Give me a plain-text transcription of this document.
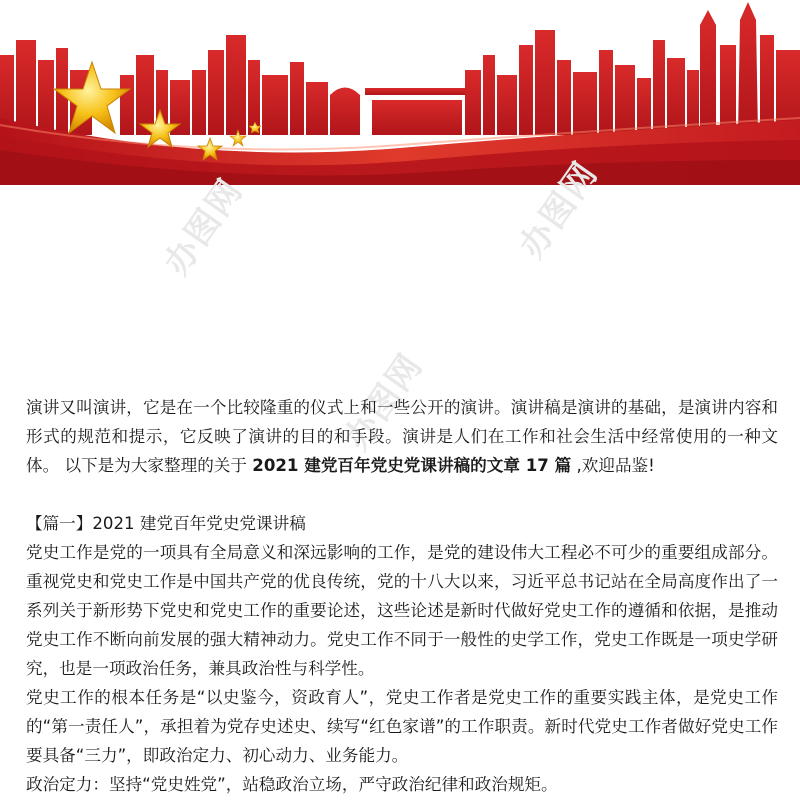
办图网	办图网
办图网

演讲又叫演讲，它是在一个比较隆重的仪式上和一些公开的演讲。演讲稿是演讲的基础，是演讲内容和形式的规范和提示，它反映了演讲的目的和手段。演讲是人们在工作和社会生活中经常使用的一种文体。 以下是为大家整理的关于 2021 建党百年党史党课讲稿的文章 17 篇 ,欢迎品鉴!

【篇一】2021 建党百年党史党课讲稿

党史工作是党的一项具有全局意义和深远影响的工作，是党的建设伟大工程必不可少的重要组成部分。重视党史和党史工作是中国共产党的优良传统，党的十八大以来，习近平总书记站在全局高度作出了一系列关于新形势下党史和党史工作的重要论述，这些论述是新时代做好党史工作的遵循和依据，是推动党史工作不断向前发展的强大精神动力。党史工作不同于一般性的史学工作，党史工作既是一项史学研究，也是一项政治任务，兼具政治性与科学性。

党史工作的根本任务是“以史鉴今，资政育人”，党史工作者是党史工作的重要实践主体，是党史工作的“第一责任人”，承担着为党存史述史、续写“红色家谱”的工作职责。新时代党史工作者做好党史工作要具备“三力”，即政治定力、初心动力、业务能力。

政治定力：坚持“党史姓党”，站稳政治立场，严守政治纪律和政治规矩。
